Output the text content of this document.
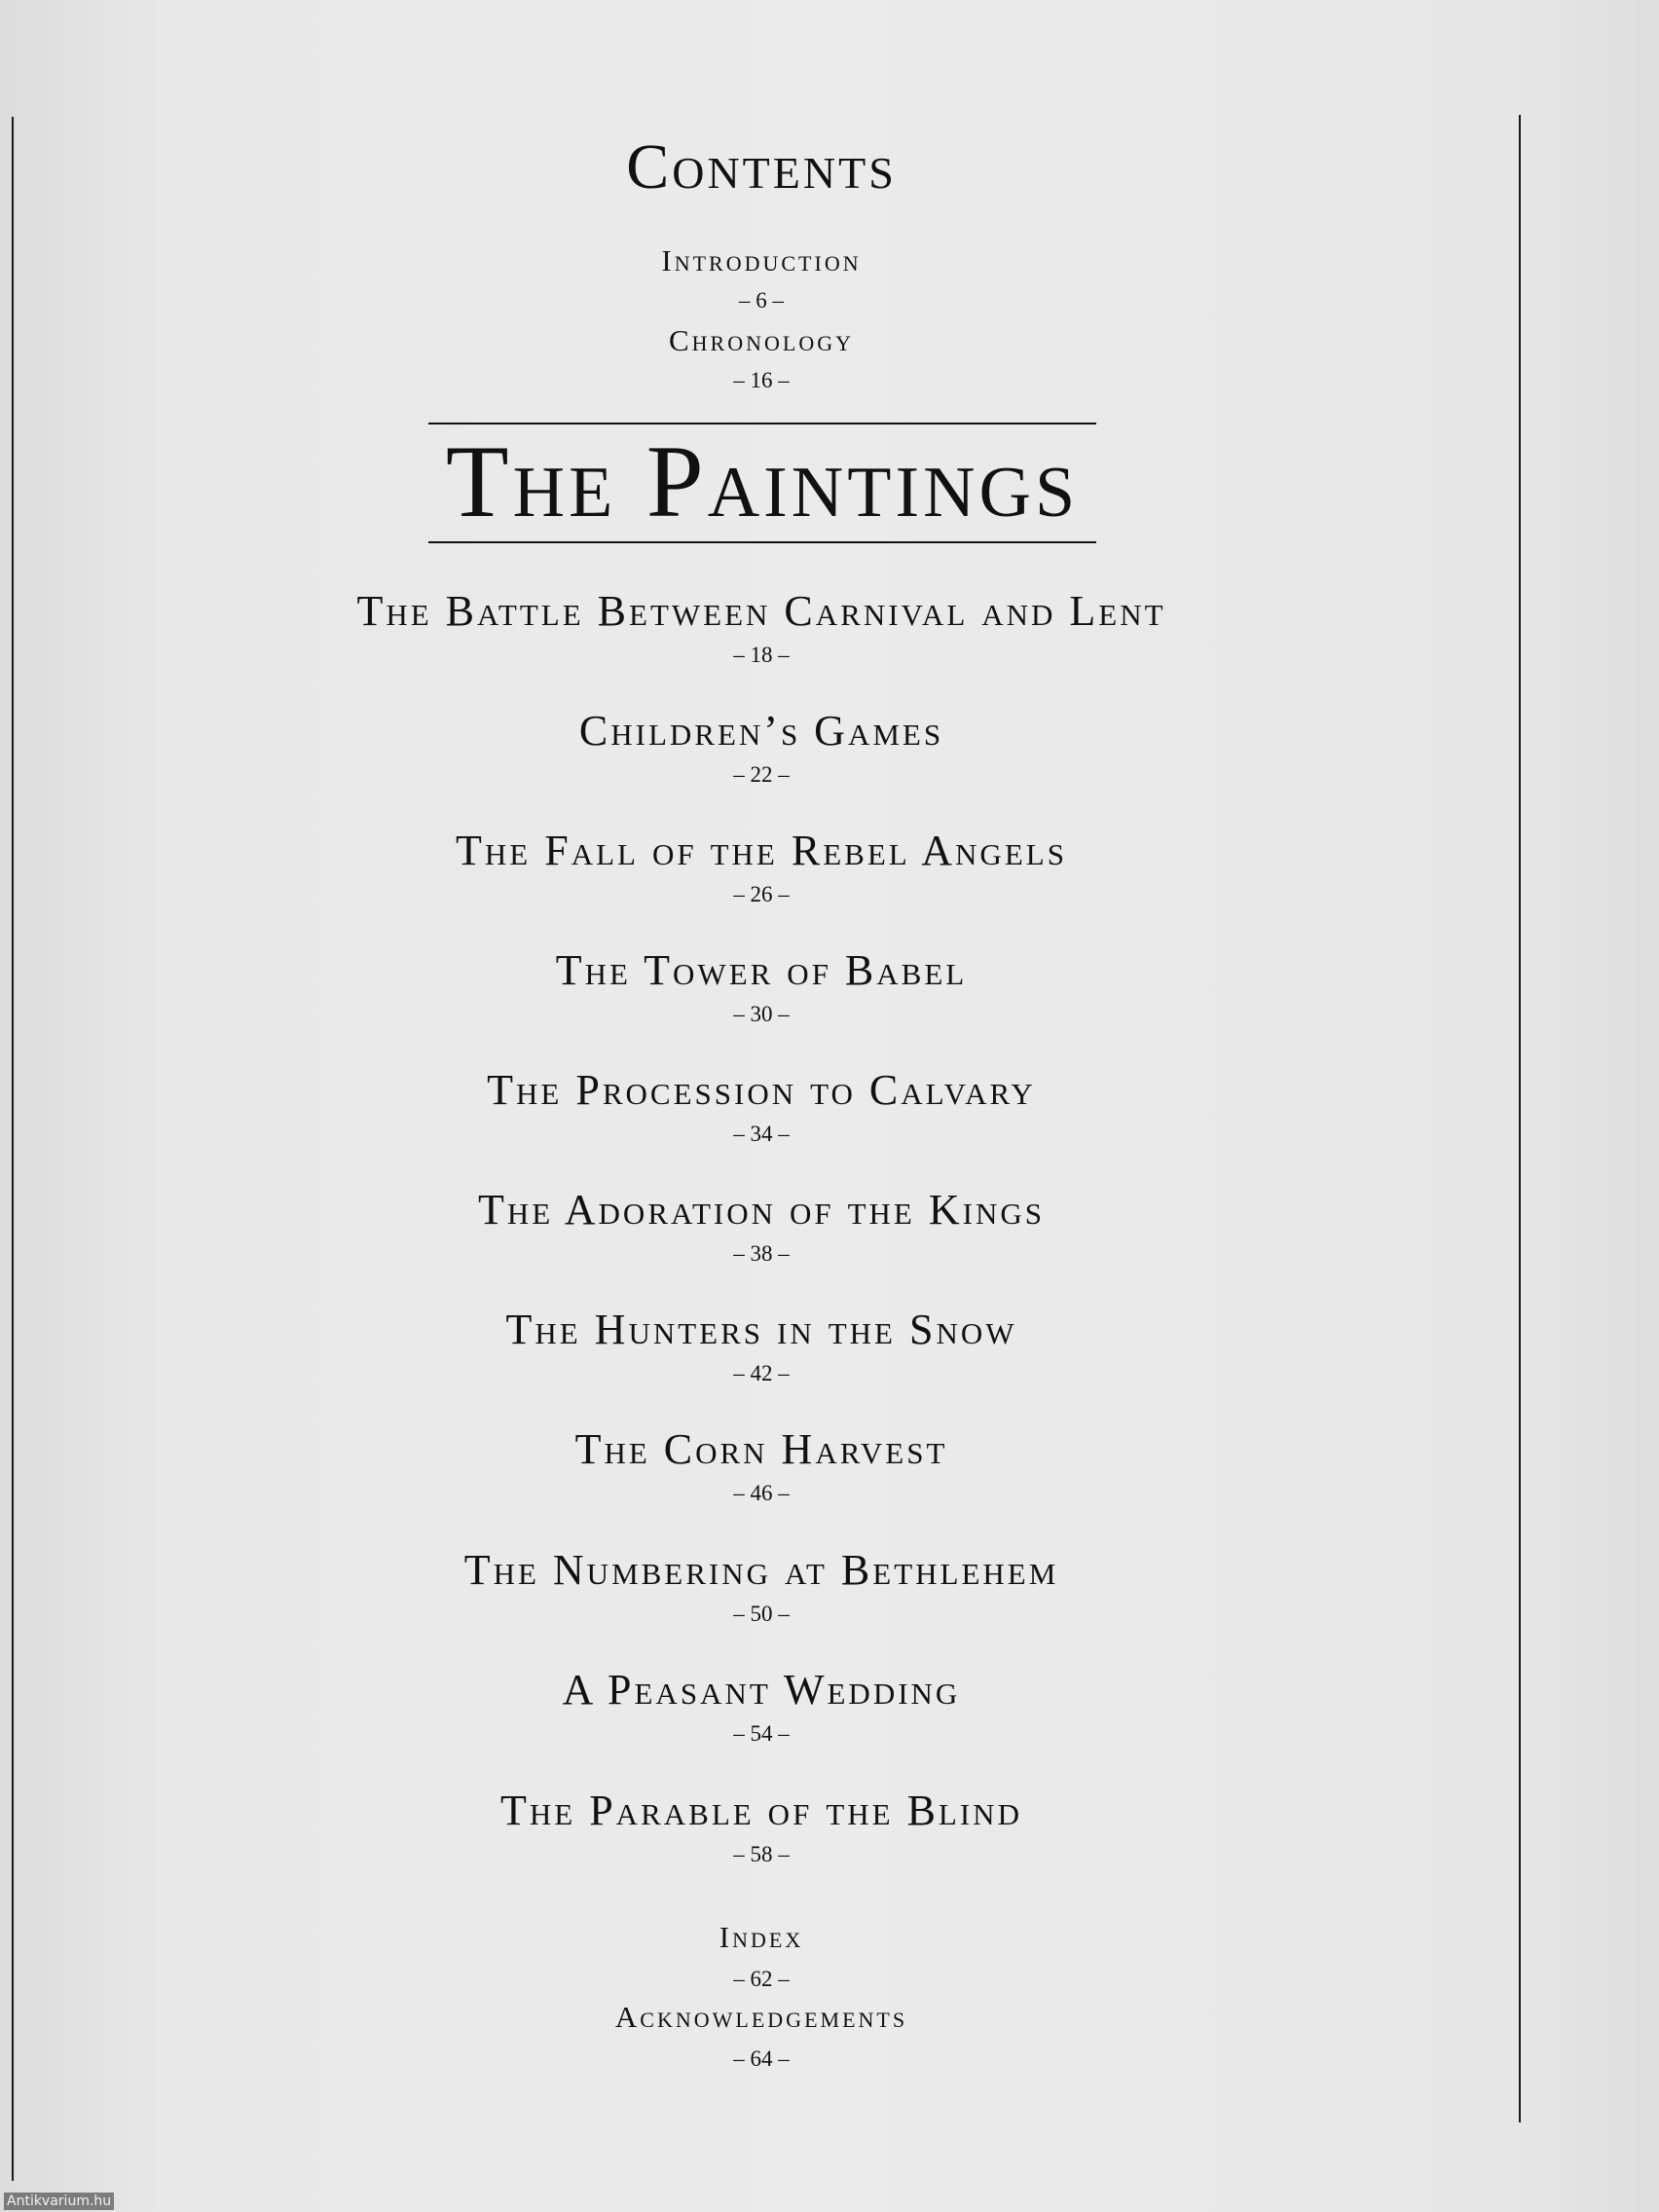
Contents
Introduction
– 6 –
Chronology
– 16 –
The Paintings
The Battle Between Carnival and Lent
– 18 –
Children’s Games
– 22 –
The Fall of the Rebel Angels
– 26 –
The Tower of Babel
– 30 –
The Procession to Calvary
– 34 –
The Adoration of the Kings
– 38 –
The Hunters in the Snow
– 42 –
The Corn Harvest
– 46 –
The Numbering at Bethlehem
– 50 –
A Peasant Wedding
– 54 –
The Parable of the Blind
– 58 –
Index
– 62 –
Acknowledgements
– 64 –
Antikvarium.hu
